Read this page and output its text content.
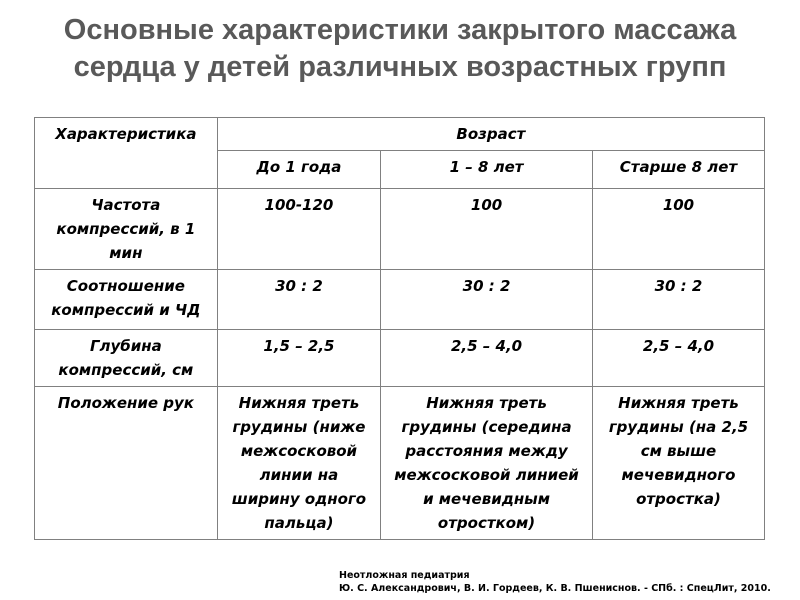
Основные характеристики закрытого массажа
сердца у детей различных возрастных групп
Характеристика	Возраст		
	До 1 года	1 – 8 лет	Старше 8 лет
Частота компрессий, в 1 мин	100-120	100	100
Соотношение компрессий и ЧД	30 : 2	30 : 2	30 : 2
Глубина компрессий, см	1,5 – 2,5	2,5 – 4,0	2,5 – 4,0
Положение рук	Нижняя треть грудины (ниже межсосковой линии на ширину одного пальца)	Нижняя треть грудины (середина расстояния между межсосковой линией и мечевидным отростком)	Нижняя треть грудины (на 2,5 см выше мечевидного отростка)
Неотложная педиатрия
Ю. С. Александрович, В. И. Гордеев, К. В. Пшениснов. - СПб. : СпецЛит, 2010.
